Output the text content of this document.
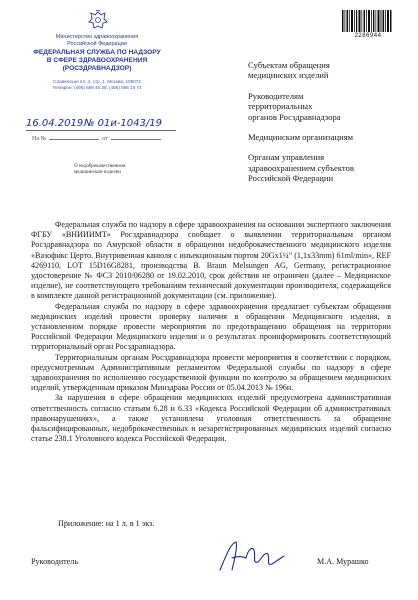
2286944
Министерство здравоохранения
Российской Федерации
ФЕДЕРАЛЬНАЯ СЛУЖБА ПО НАДЗОРУ
В СФЕРЕ ЗДРАВООХРАНЕНИЯ
(РОСЗДРАВНАДЗОР)
Славянская пл. 4, стр. 1, Москва, 109074
Телефон: (495) 698 45 38; (495) 698 15 74
16.04.2019 № 01и-1043/19
На №	от
О недоброкачественном
медицинском изделии

Субъектам обращения
медицинских изделий

Руководителям
территориальных
органов Росздравнадзора

Медицинским организациям

Органам управления
здравоохранением субъектов
Российской Федерации

Федеральная служба по надзору в сфере здравоохранения на основании экспертного заключения ФГБУ «ВНИИИМТ» Росздравнадзора сообщает о выявлении территориальным органом Росздравнадзора по Амурской области в обращении недоброкачественного медицинского изделия «Вазофикс Церто. Внутривенная канюля с инъекционным портом 20Gx1¼" (1,1x33mm) 61ml/min», REF 4269110, LOT 15D16G8281, производства B. Braun Melsungen AG, Germany, регистрационное удостоверение № ФСЗ 2010/06280 от 19.02.2010, срок действия не ограничен (далее – Медицинское изделие), не соответствующего требованиям технической документации производителя, содержащейся в комплекте данной регистрационной документации (см. приложение).

Федеральная служба по надзору в сфере здравоохранения предлагает субъектам обращения медицинских изделий провести проверку наличия в обращении Медицинского изделия, в установленном порядке провести мероприятия по предотвращению обращения на территории Российской Федерации Медицинского изделия и о результатах проинформировать соответствующий территориальный орган Росздравнадзора.

Территориальным органам Росздравнадзора провести мероприятия в соответствии с порядком, предусмотренным Административным регламентом Федеральной службы по надзору в сфере здравоохранения по исполнению государственной функции по контролю за обращением медицинских изделий, утвержденным приказом Минздрава России от 05.04.2013 № 196н.

За нарушения в сфере обращения медицинских изделий предусмотрена административная ответственность согласно статьям 6.28 и 6.33 «Кодекса Российской Федерации об административных правонарушениях», а также установлена уголовная ответственность за обращение фальсифицированных, недоброкачественных и незарегистрированных медицинских изделий согласно статье 238.1 Уголовного кодекса Российской Федерации.

Приложение: на 1 л. в 1 экз.
Руководитель	М.А. Мурашко
